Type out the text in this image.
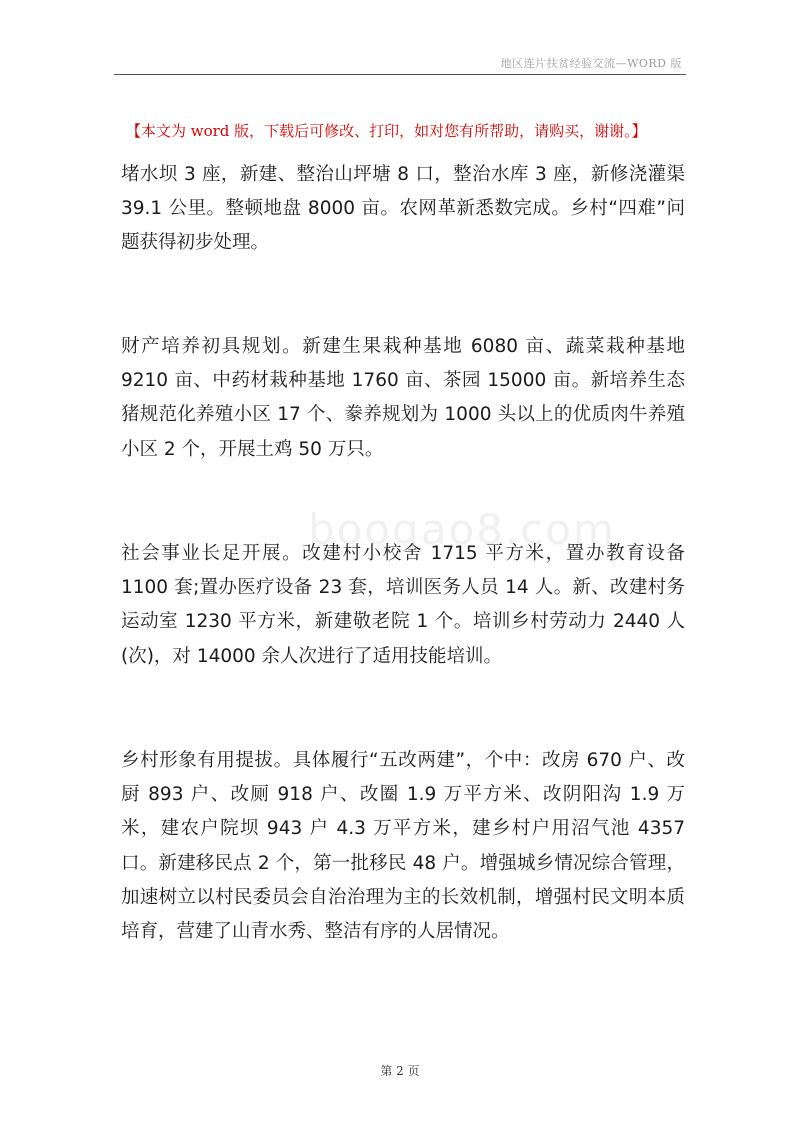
地区连片扶贫经验交流—WORD 版
【本文为 word 版，下载后可修改、打印，如对您有所帮助，请购买，谢谢。】
boogao8.com

堵水坝 3 座，新建、整治山坪塘 8 口，整治水库 3 座，新修浇灌渠 39.1 公里。整顿地盘 8000 亩。农网革新悉数完成。乡村“四难”问题获得初步处理。

财产培养初具规划。新建生果栽种基地 6080 亩、蔬菜栽种基地 9210 亩、中药材栽种基地 1760 亩、茶园 15000 亩。新培养生态猪规范化养殖小区 17 个、豢养规划为 1000 头以上的优质肉牛养殖小区 2 个，开展土鸡 50 万只。

社会事业长足开展。改建村小校舍 1715 平方米，置办教育设备 1100 套;置办医疗设备 23 套，培训医务人员 14 人。新、改建村务运动室 1230 平方米，新建敬老院 1 个。培训乡村劳动力 2440 人(次)，对 14000 余人次进行了适用技能培训。

乡村形象有用提拔。具体履行“五改两建”，个中：改房 670 户、改厨 893 户、改厕 918 户、改圈 1.9 万平方米、改阴阳沟 1.9 万米，建农户院坝 943 户 4.3 万平方米，建乡村户用沼气池 4357 口。新建移民点 2 个，第一批移民 48 户。增强城乡情况综合管理，加速树立以村民委员会自治治理为主的长效机制，增强村民文明本质培育，营建了山青水秀、整洁有序的人居情况。

第 2 页
